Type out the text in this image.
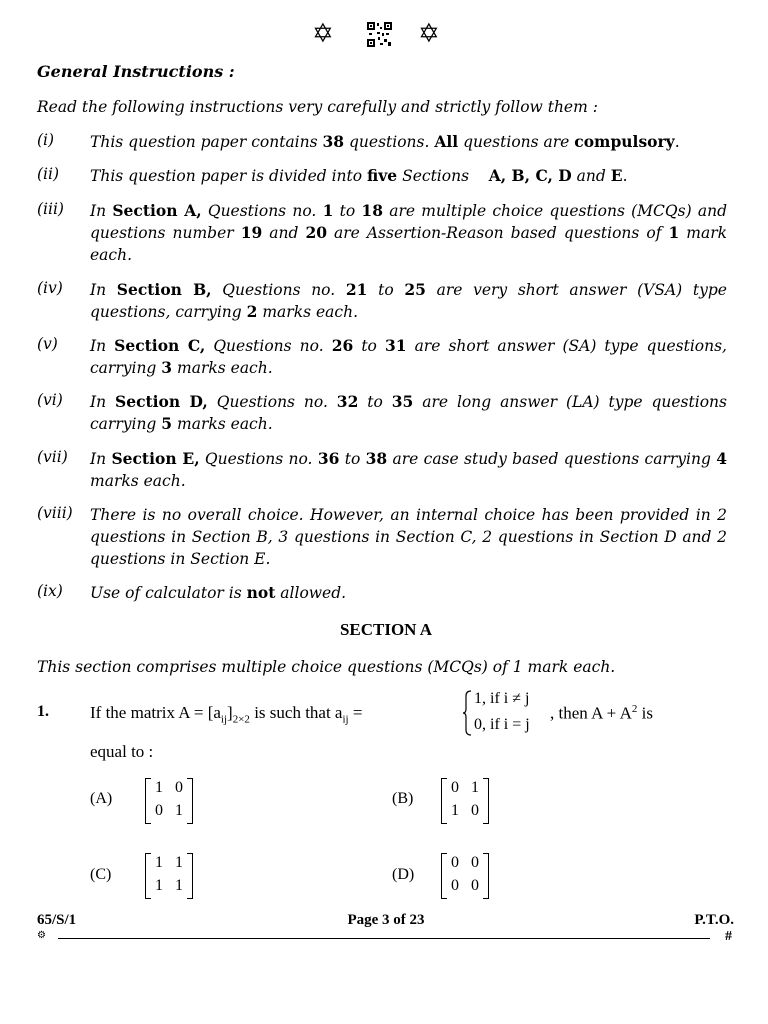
✡	✡
General Instructions :
Read the following instructions very carefully and strictly follow them :
(i) This question paper contains 38 questions. All questions are compulsory.
(ii) This question paper is divided into five Sections    A, B, C, D and E.
(iii) In Section A, Questions no. 1 to 18 are multiple choice questions (MCQs) and questions number 19 and 20 are Assertion-Reason based questions of 1 mark each.
(iv) In Section B, Questions no. 21 to 25 are very short answer (VSA) type questions, carrying 2 marks each.
(v) In Section C, Questions no. 26 to 31 are short answer (SA) type questions, carrying 3 marks each.
(vi) In Section D, Questions no. 32 to 35 are long answer (LA) type questions carrying 5 marks each.
(vii) In Section E, Questions no. 36 to 38 are case study based questions carrying 4 marks each.
(viii) There is no overall choice. However, an internal choice has been provided in 2 questions in Section B, 3 questions in Section C, 2 questions in Section D and 2 questions in Section E.
(ix) Use of calculator is not allowed.
SECTION A
This section comprises multiple choice questions (MCQs) of 1 mark each.
1. If the matrix $A = [a_{ij}]_{2\times 2}$ is such that $a_{ij}$ =
1, if i ≠ j
0, if i = j
, then $A + A^2$ is
equal to :
(A)
1 0
0 1
(B)
0 1
1 0
(C)
1 1
1 1
(D)
0 0
0 0
65/S/1	Page 3 of 23	P.T.O.
⚙	#
